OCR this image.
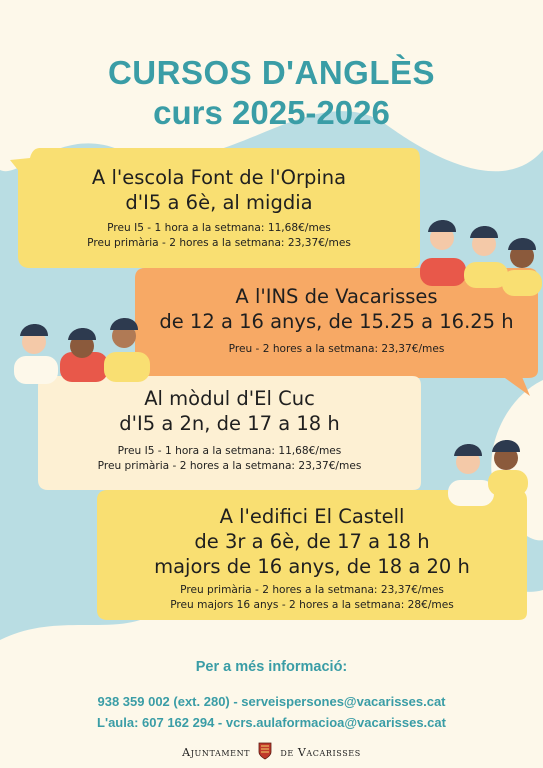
CURSOS D'ANGLÈS
curs 2025-2026
A l'escola Font de l'Orpina
d'I5 a 6è, al migdia
Preu I5 - 1 hora a la setmana: 11,68€/mes
Preu primària - 2 hores a la setmana: 23,37€/mes
A l'INS de Vacarisses
de 12 a 16 anys, de 15.25 a 16.25 h
Preu - 2 hores a la setmana: 23,37€/mes
Al mòdul d'El Cuc
d'I5 a 2n, de 17 a 18 h
Preu I5 - 1 hora a la setmana: 11,68€/mes
Preu primària - 2 hores a la setmana: 23,37€/mes
A l'edifici El Castell
de 3r a 6è, de 17 a 18 h
majors de 16 anys, de 18 a 20 h
Preu primària - 2 hores a la setmana: 23,37€/mes
Preu majors 16 anys - 2 hores a la setmana: 28€/mes
Per a més informació:
938 359 002 (ext. 280) - serveispersones@vacarisses.cat
L'aula: 607 162 294 - vcrs.aulaformacioa@vacarisses.cat
Ajuntament	de Vacarisses
